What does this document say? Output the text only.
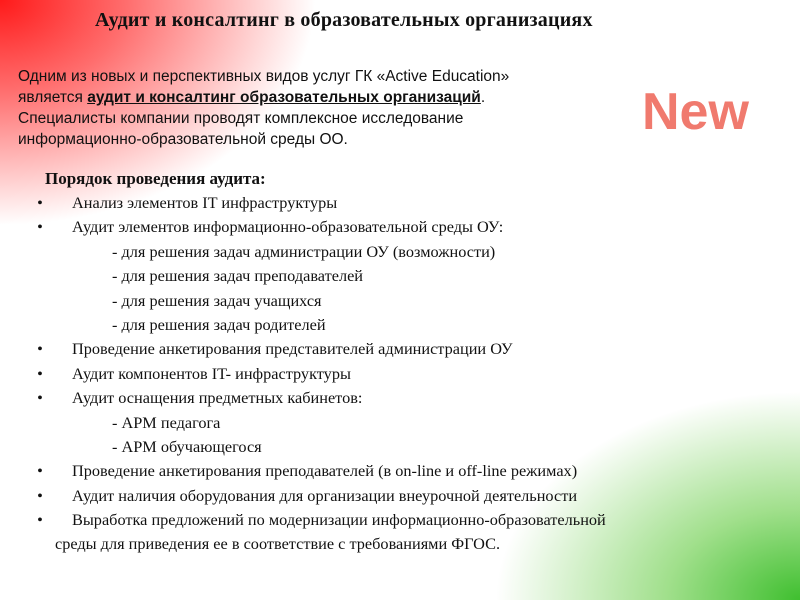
Аудит и консалтинг в образовательных организациях
Одним из новых и перспективных видов услуг ГК «Active Education»
является аудит и консалтинг образовательных организаций.
Специалисты компании проводят комплексное исследование
информационно-образовательной среды ОО.	New
Порядок проведения аудита:
• Анализ элементов IT инфраструктуры
• Аудит элементов информационно-образовательной среды ОУ:
- для решения задач администрации ОУ (возможности)
- для решения задач преподавателей
- для решения задач учащихся
- для решения задач родителей
• Проведение анкетирования представителей администрации ОУ
• Аудит компонентов IT- инфраструктуры
• Аудит оснащения предметных кабинетов:
- АРМ педагога
- АРМ обучающегося
• Проведение анкетирования преподавателей (в on-line и off-line режимах)
• Аудит наличия оборудования для организации внеурочной деятельности
• Выработка предложений по модернизации информационно-образовательной
среды для приведения ее в соответствие с требованиями ФГОС.
